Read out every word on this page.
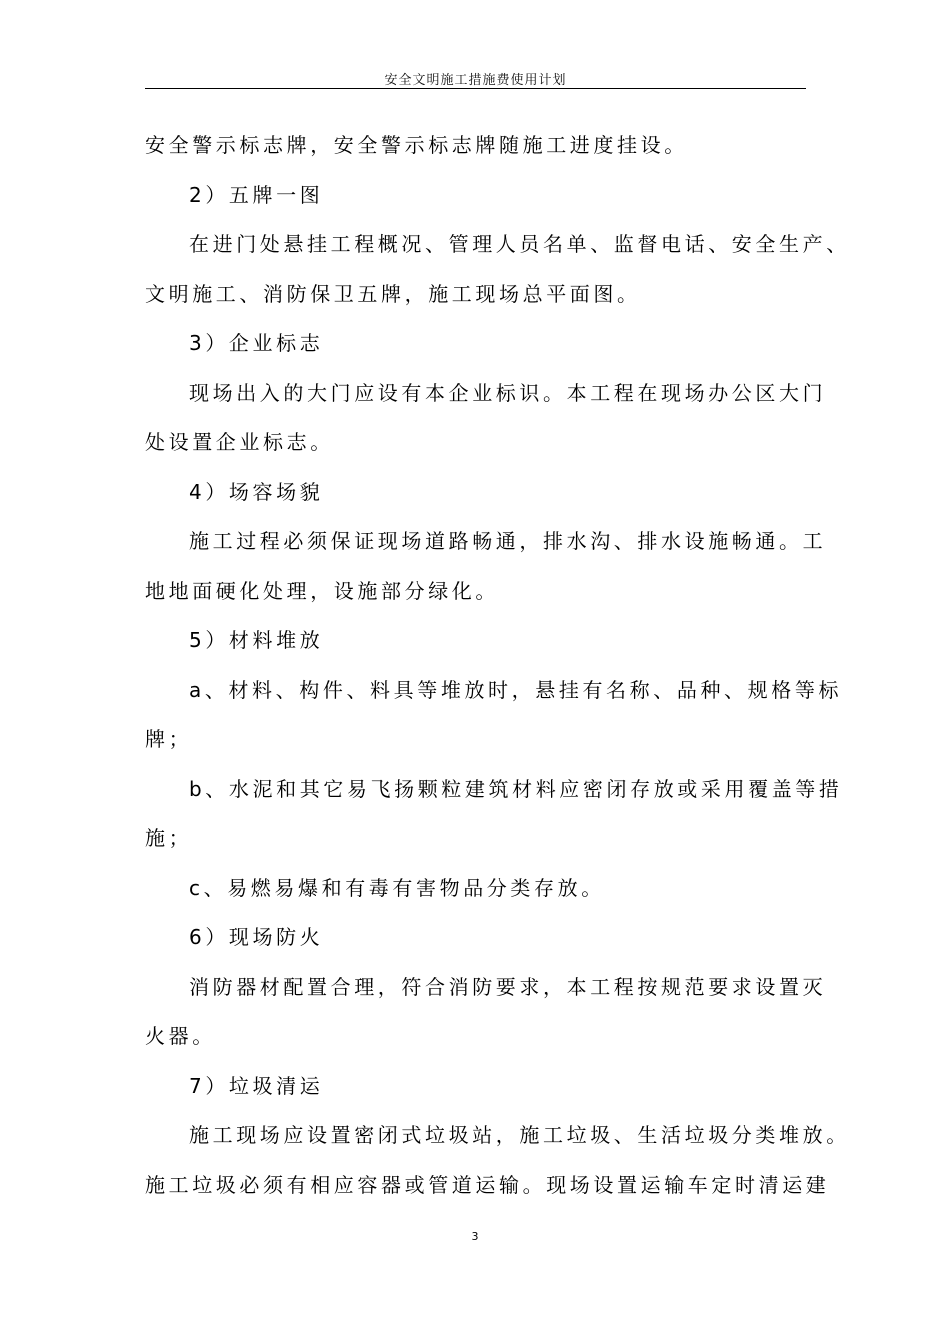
安全文明施工措施费使用计划
安全警示标志牌，安全警示标志牌随施工进度挂设。
2）五牌一图
在进门处悬挂工程概况、管理人员名单、监督电话、安全生产、
文明施工、消防保卫五牌，施工现场总平面图。
3）企业标志
现场出入的大门应设有本企业标识。本工程在现场办公区大门
处设置企业标志。
4）场容场貌
施工过程必须保证现场道路畅通，排水沟、排水设施畅通。工
地地面硬化处理，设施部分绿化。
5）材料堆放
a、材料、构件、料具等堆放时，悬挂有名称、品种、规格等标
牌；
b、水泥和其它易飞扬颗粒建筑材料应密闭存放或采用覆盖等措
施；
c、易燃易爆和有毒有害物品分类存放。
6）现场防火
消防器材配置合理，符合消防要求，本工程按规范要求设置灭
火器。
7）垃圾清运
施工现场应设置密闭式垃圾站，施工垃圾、生活垃圾分类堆放。
施工垃圾必须有相应容器或管道运输。现场设置运输车定时清运建
3
